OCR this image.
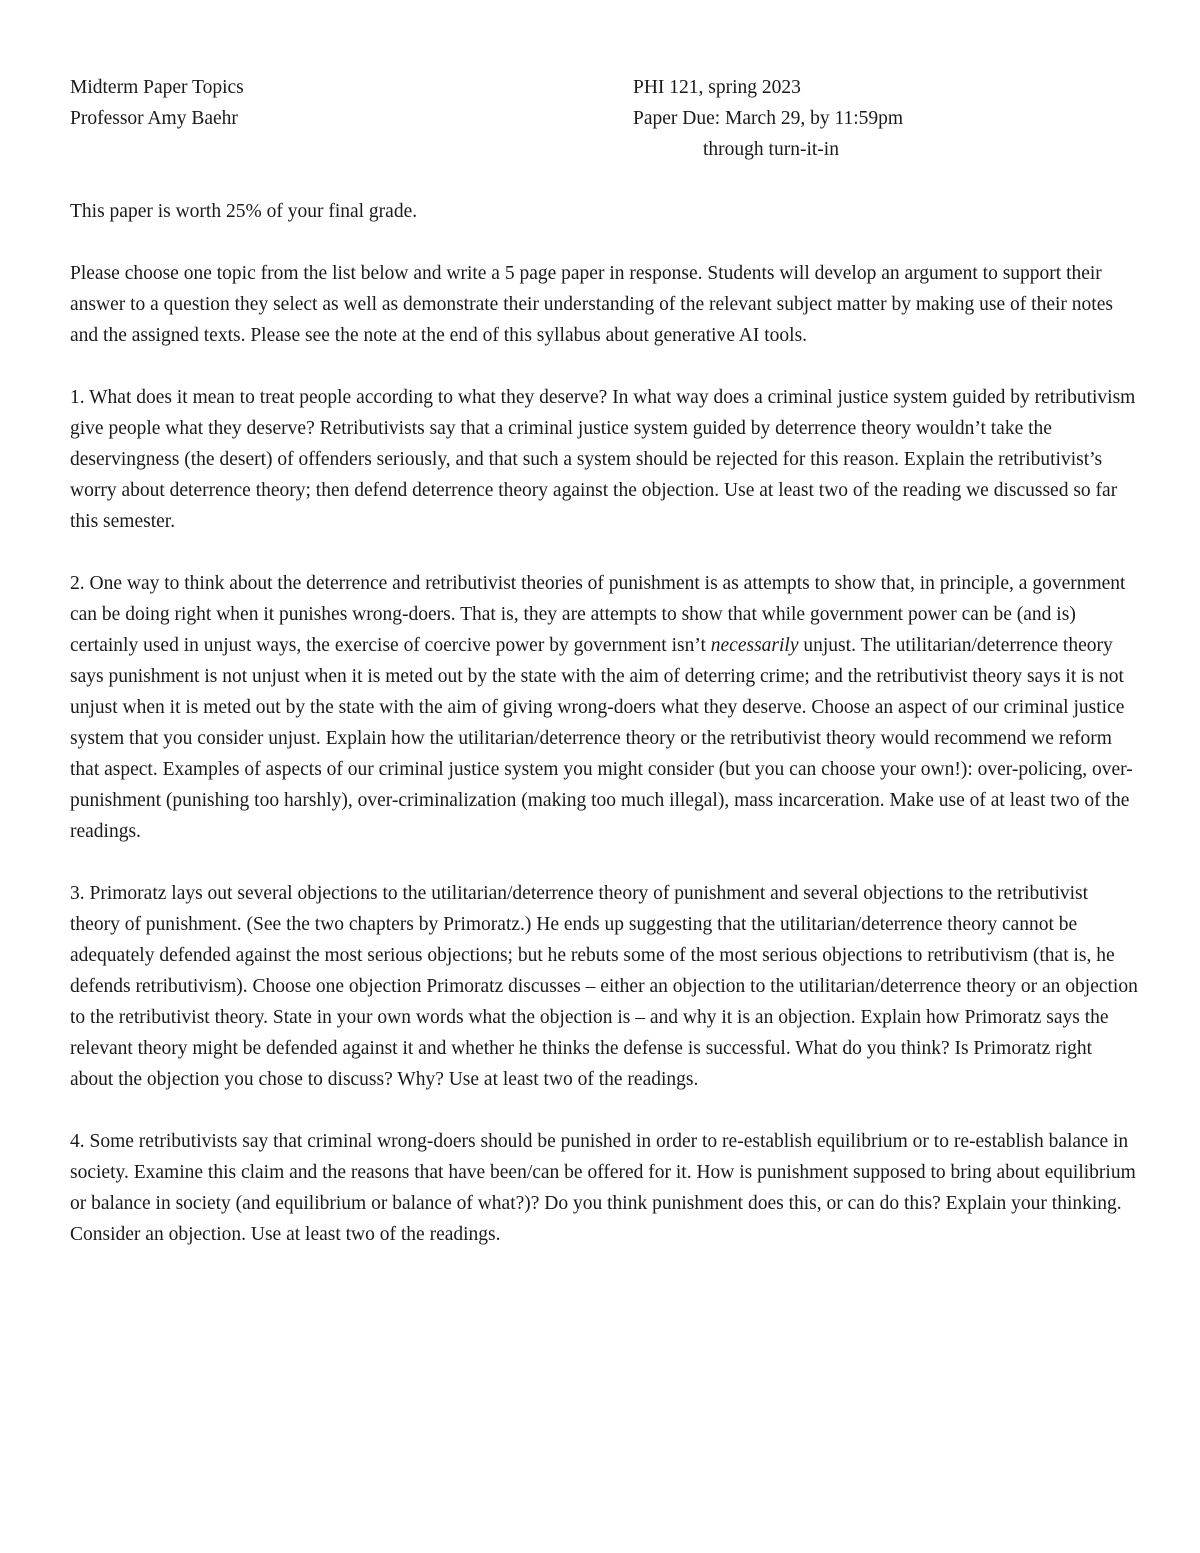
Midterm Paper Topics
Professor Amy Baehr
PHI 121, spring 2023
Paper Due: March 29, by 11:59pm
through turn-it-in

This paper is worth 25% of your final grade.

Please choose one topic from the list below and write a 5 page paper in response. Students will develop an argument to support their answer to a question they select as well as demonstrate their understanding of the relevant subject matter by making use of their notes and the assigned texts. Please see the note at the end of this syllabus about generative AI tools.

1. What does it mean to treat people according to what they deserve? In what way does a criminal justice system guided by retributivism give people what they deserve? Retributivists say that a criminal justice system guided by deterrence theory wouldn’t take the deservingness (the desert) of offenders seriously, and that such a system should be rejected for this reason. Explain the retributivist’s worry about deterrence theory; then defend deterrence theory against the objection. Use at least two of the reading we discussed so far this semester.

2. One way to think about the deterrence and retributivist theories of punishment is as attempts to show that, in principle, a government can be doing right when it punishes wrong-doers. That is, they are attempts to show that while government power can be (and is) certainly used in unjust ways, the exercise of coercive power by government isn’t necessarily unjust. The utilitarian/deterrence theory says punishment is not unjust when it is meted out by the state with the aim of deterring crime; and the retributivist theory says it is not unjust when it is meted out by the state with the aim of giving wrong-doers what they deserve. Choose an aspect of our criminal justice system that you consider unjust. Explain how the utilitarian/deterrence theory or the retributivist theory would recommend we reform that aspect. Examples of aspects of our criminal justice system you might consider (but you can choose your own!): over-policing, over-punishment (punishing too harshly), over-criminalization (making too much illegal), mass incarceration. Make use of at least two of the readings.

3. Primoratz lays out several objections to the utilitarian/deterrence theory of punishment and several objections to the retributivist theory of punishment. (See the two chapters by Primoratz.) He ends up suggesting that the utilitarian/deterrence theory cannot be adequately defended against the most serious objections; but he rebuts some of the most serious objections to retributivism (that is, he defends retributivism). Choose one objection Primoratz discusses – either an objection to the utilitarian/deterrence theory or an objection to the retributivist theory. State in your own words what the objection is – and why it is an objection. Explain how Primoratz says the relevant theory might be defended against it and whether he thinks the defense is successful. What do you think? Is Primoratz right about the objection you chose to discuss? Why? Use at least two of the readings.

4. Some retributivists say that criminal wrong-doers should be punished in order to re-establish equilibrium or to re-establish balance in society. Examine this claim and the reasons that have been/can be offered for it. How is punishment supposed to bring about equilibrium or balance in society (and equilibrium or balance of what?)? Do you think punishment does this, or can do this? Explain your thinking. Consider an objection. Use at least two of the readings.
